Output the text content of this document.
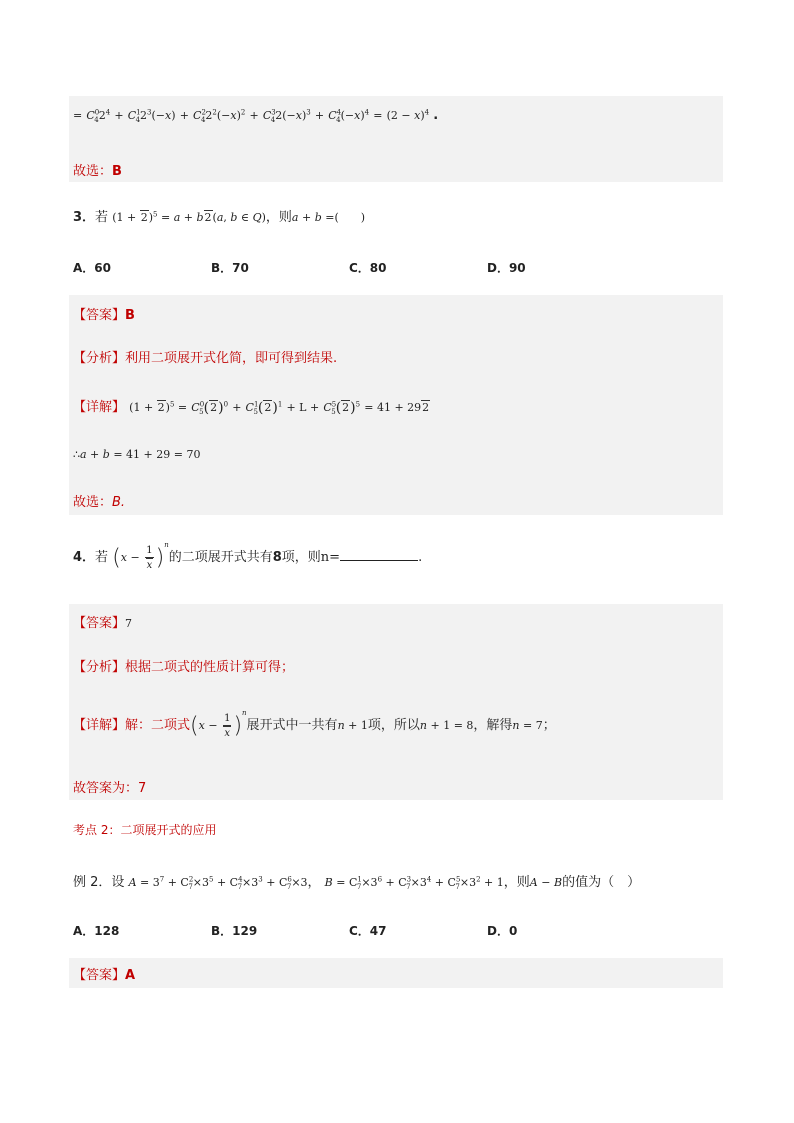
= $C^0_42^4 + C^1_42^3(-x) + C^2_42^2(-x)^2 + C^3_42(-x)^3 + C^4_4(-x)^4 = (2 - x)^4$ .
故选：B
3．若 $(1 + 2)^5 = a + b2(a$, b ∈ Q)，则a + b =(　　)
A．60	B．70	C．80	D．90
【答案】B
【分析】利用二项展开式化简，即可得到结果.
【详解】 $(1 + 2)^5 = C^0_5(2)^0 + C^1_5(2)^1 + L + C^5_5(2)^5 = 41 + 292$
∴a + b = 41 + 29 = 70
故选：B.
4．若 $(x - \frac{1}{x} )^n$的二项展开式共有8项，则n=	.
【答案】7
【分析】根据二项式的性质计算可得；
【详解】解：二项式$(x - \frac{1}{x} )^n$展开式中一共有n + 1项，所以n + 1 = 8，解得n = 7；
故答案为：7
考点 2：二项展开式的应用
例 2．设 $A = 3^7 + C^2_7\times 3^5 + C^4_7\times 3^3 + C^6_7\times 3$， $B = C^1_7\times 3^6 + C^3_7\times 3^4 + C^5_7\times 3^2 + 1$，则A − B的值为（　）
A．128	B．129	C．47	D．0
【答案】A
